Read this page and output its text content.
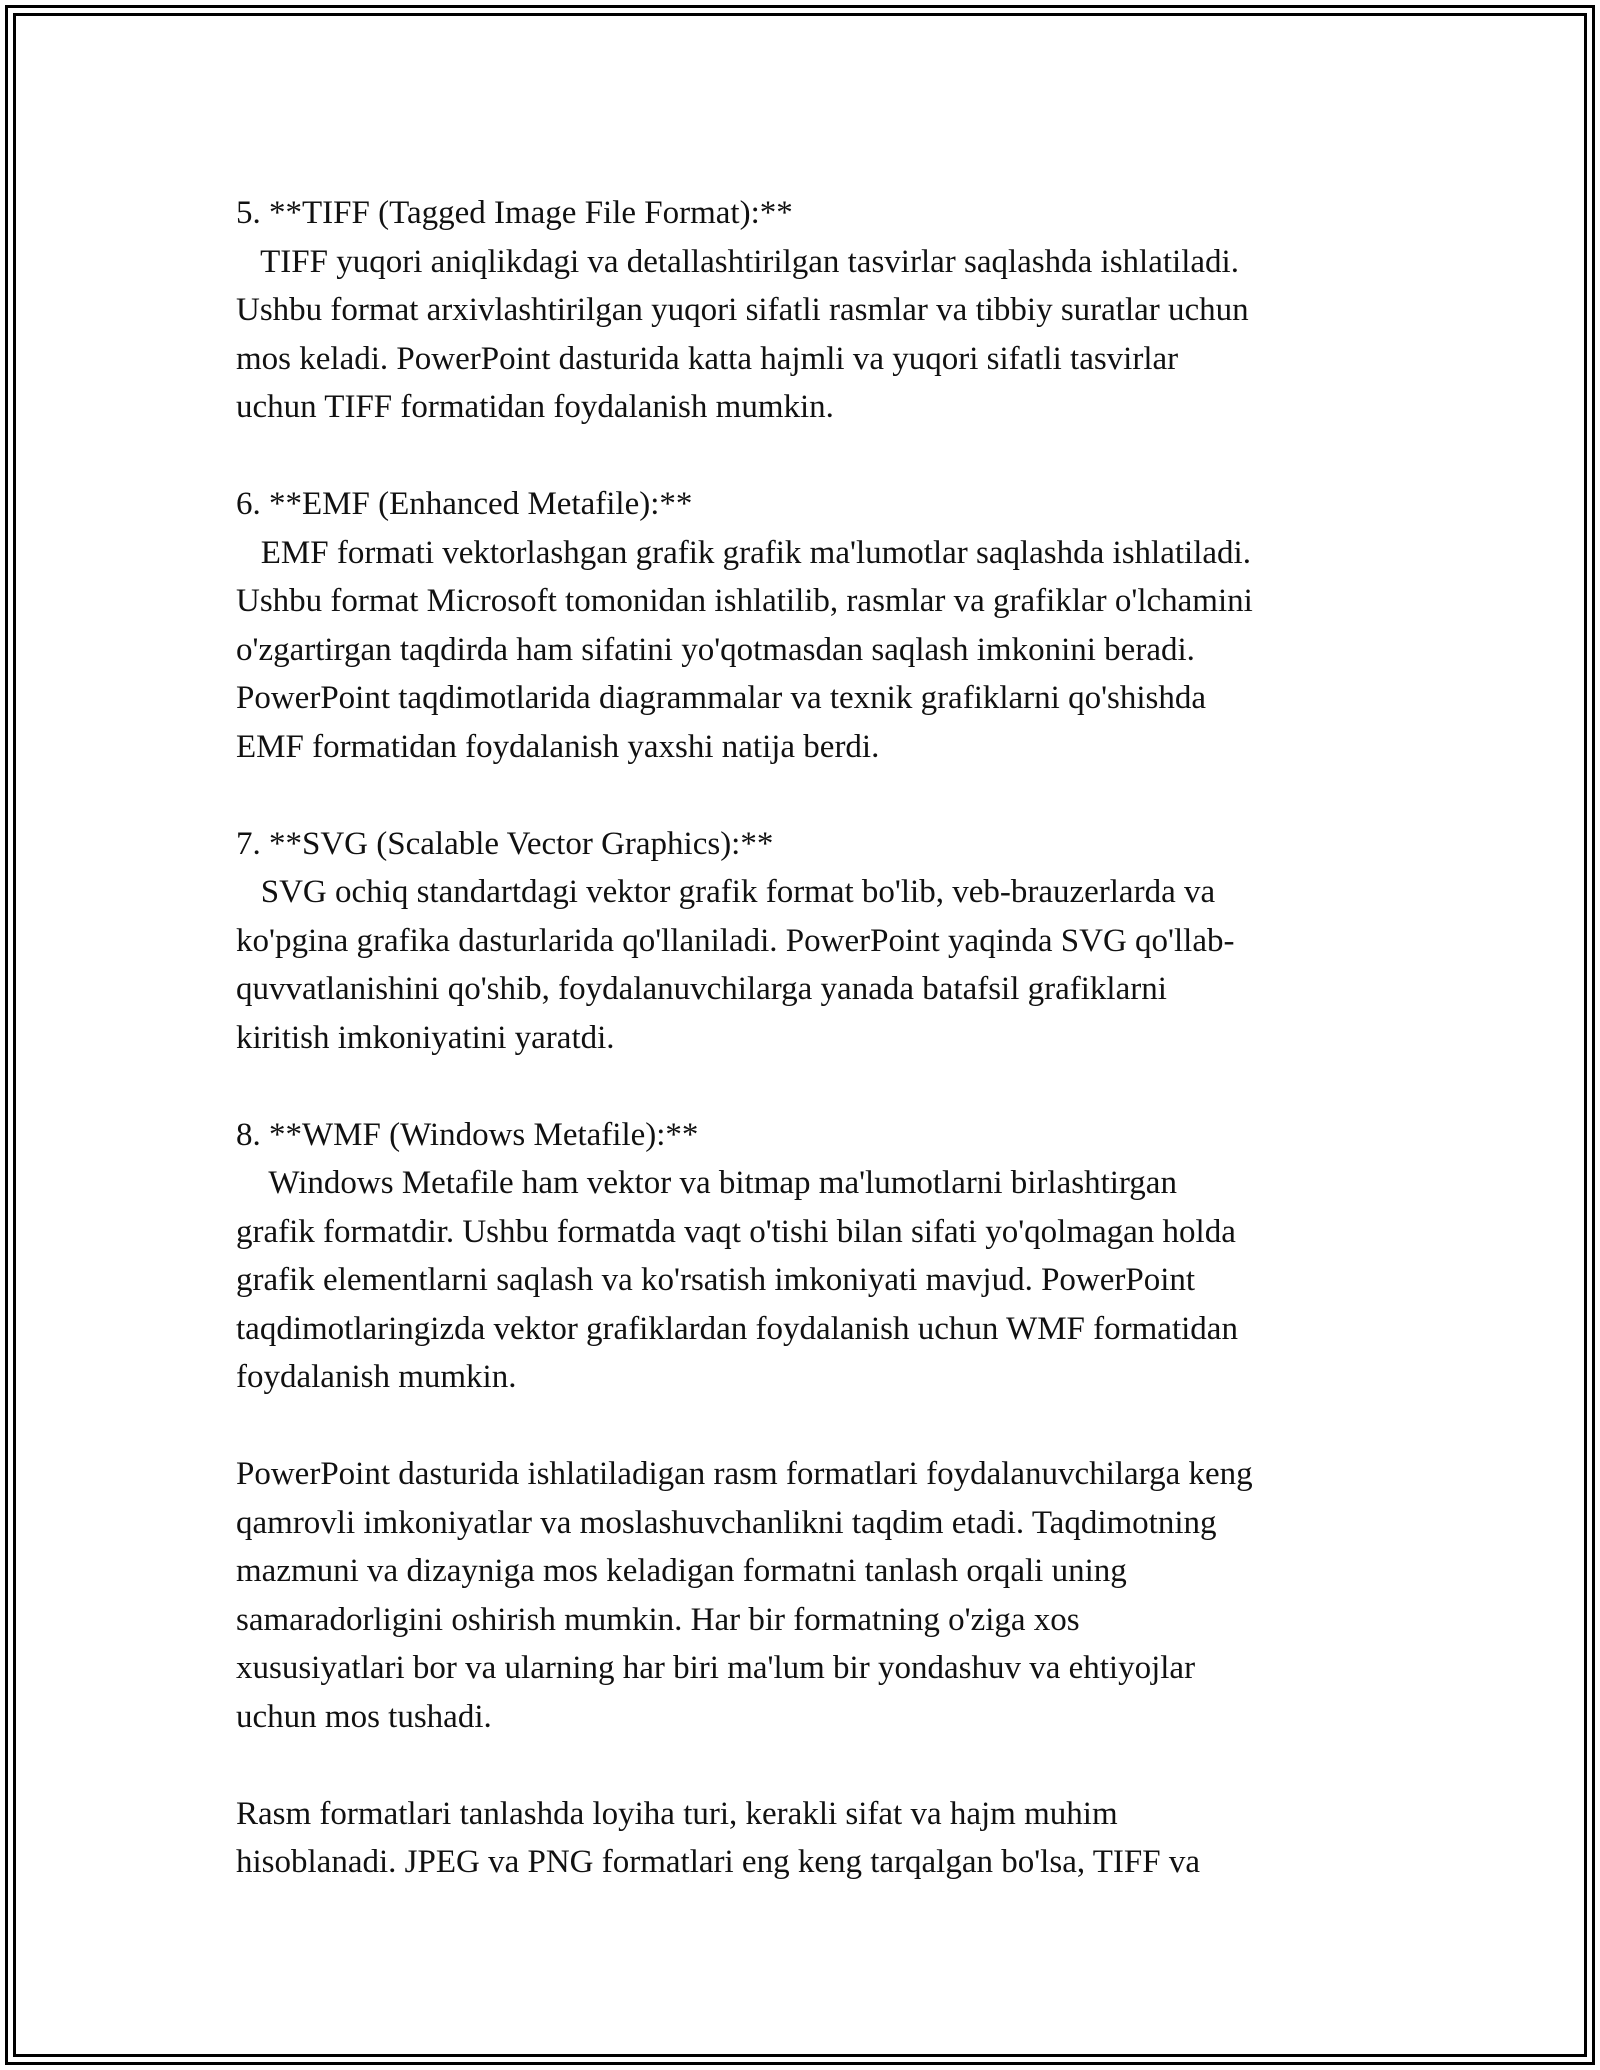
5. **TIFF (Tagged Image File Format):**
TIFF yuqori aniqlikdagi va detallashtirilgan tasvirlar saqlashda ishlatiladi.
Ushbu format arxivlashtirilgan yuqori sifatli rasmlar va tibbiy suratlar uchun
mos keladi. PowerPoint dasturida katta hajmli va yuqori sifatli tasvirlar
uchun TIFF formatidan foydalanish mumkin.
6. **EMF (Enhanced Metafile):**
EMF formati vektorlashgan grafik grafik ma'lumotlar saqlashda ishlatiladi.
Ushbu format Microsoft tomonidan ishlatilib, rasmlar va grafiklar o'lchamini
o'zgartirgan taqdirda ham sifatini yo'qotmasdan saqlash imkonini beradi.
PowerPoint taqdimotlarida diagrammalar va texnik grafiklarni qo'shishda
EMF formatidan foydalanish yaxshi natija berdi.
7. **SVG (Scalable Vector Graphics):**
SVG ochiq standartdagi vektor grafik format bo'lib, veb-brauzerlarda va
ko'pgina grafika dasturlarida qo'llaniladi. PowerPoint yaqinda SVG qo'llab-
quvvatlanishini qo'shib, foydalanuvchilarga yanada batafsil grafiklarni
kiritish imkoniyatini yaratdi.
8. **WMF (Windows Metafile):**
Windows Metafile ham vektor va bitmap ma'lumotlarni birlashtirgan
grafik formatdir. Ushbu formatda vaqt o'tishi bilan sifati yo'qolmagan holda
grafik elementlarni saqlash va ko'rsatish imkoniyati mavjud. PowerPoint
taqdimotlaringizda vektor grafiklardan foydalanish uchun WMF formatidan
foydalanish mumkin.
PowerPoint dasturida ishlatiladigan rasm formatlari foydalanuvchilarga keng
qamrovli imkoniyatlar va moslashuvchanlikni taqdim etadi. Taqdimotning
mazmuni va dizayniga mos keladigan formatni tanlash orqali uning
samaradorligini oshirish mumkin. Har bir formatning o'ziga xos
xususiyatlari bor va ularning har biri ma'lum bir yondashuv va ehtiyojlar
uchun mos tushadi.
Rasm formatlari tanlashda loyiha turi, kerakli sifat va hajm muhim
hisoblanadi. JPEG va PNG formatlari eng keng tarqalgan bo'lsa, TIFF va
